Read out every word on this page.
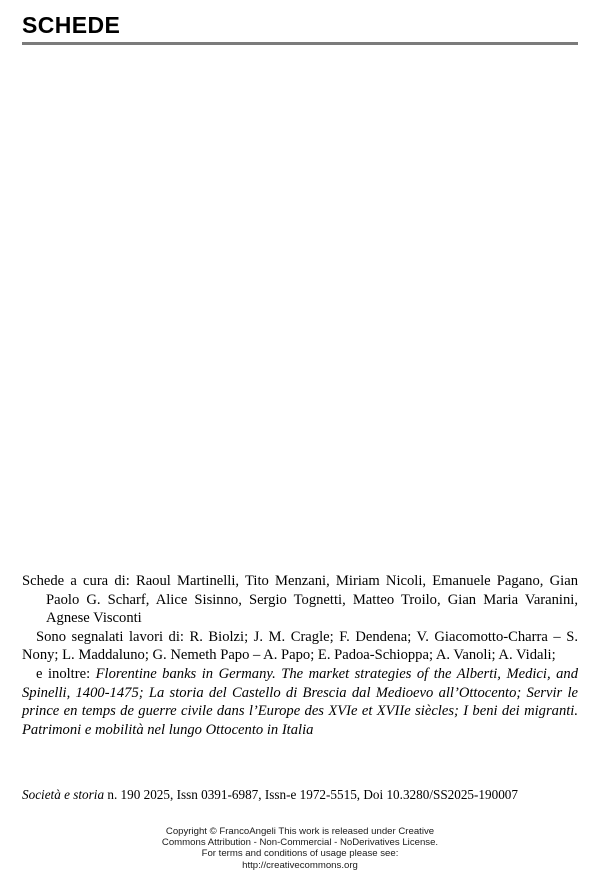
SCHEDE

Schede a cura di: Raoul Martinelli, Tito Menzani, Miriam Nicoli, Emanuele Pagano, Gian Paolo G. Scharf, Alice Sisinno, Sergio Tognetti, Matteo Troilo, Gian Maria Varanini, Agnese Visconti

Sono segnalati lavori di: R. Biolzi; J. M. Cragle; F. Dendena; V. Giacomotto-Charra – S. Nony; L. Maddaluno; G. Nemeth Papo – A. Papo; E. Padoa-Schioppa; A. Vanoli; A. Vidali;

e inoltre: Florentine banks in Germany. The market strategies of the Alberti, Medici, and Spinelli, 1400-1475; La storia del Castello di Brescia dal Medioevo all’Ottocento; Servir le prince en temps de guerre civile dans l’Europe des XVIe et XVIIe siècles; I beni dei migranti. Patrimoni e mobilità nel lungo Ottocento in Italia

Società e storia n. 190 2025, Issn 0391-6987, Issn-e 1972-5515, Doi 10.3280/SS2025-190007
Copyright © FrancoAngeli This work is released under Creative
Commons Attribution - Non-Commercial - NoDerivatives License.
For terms and conditions of usage please see:
http://creativecommons.org
